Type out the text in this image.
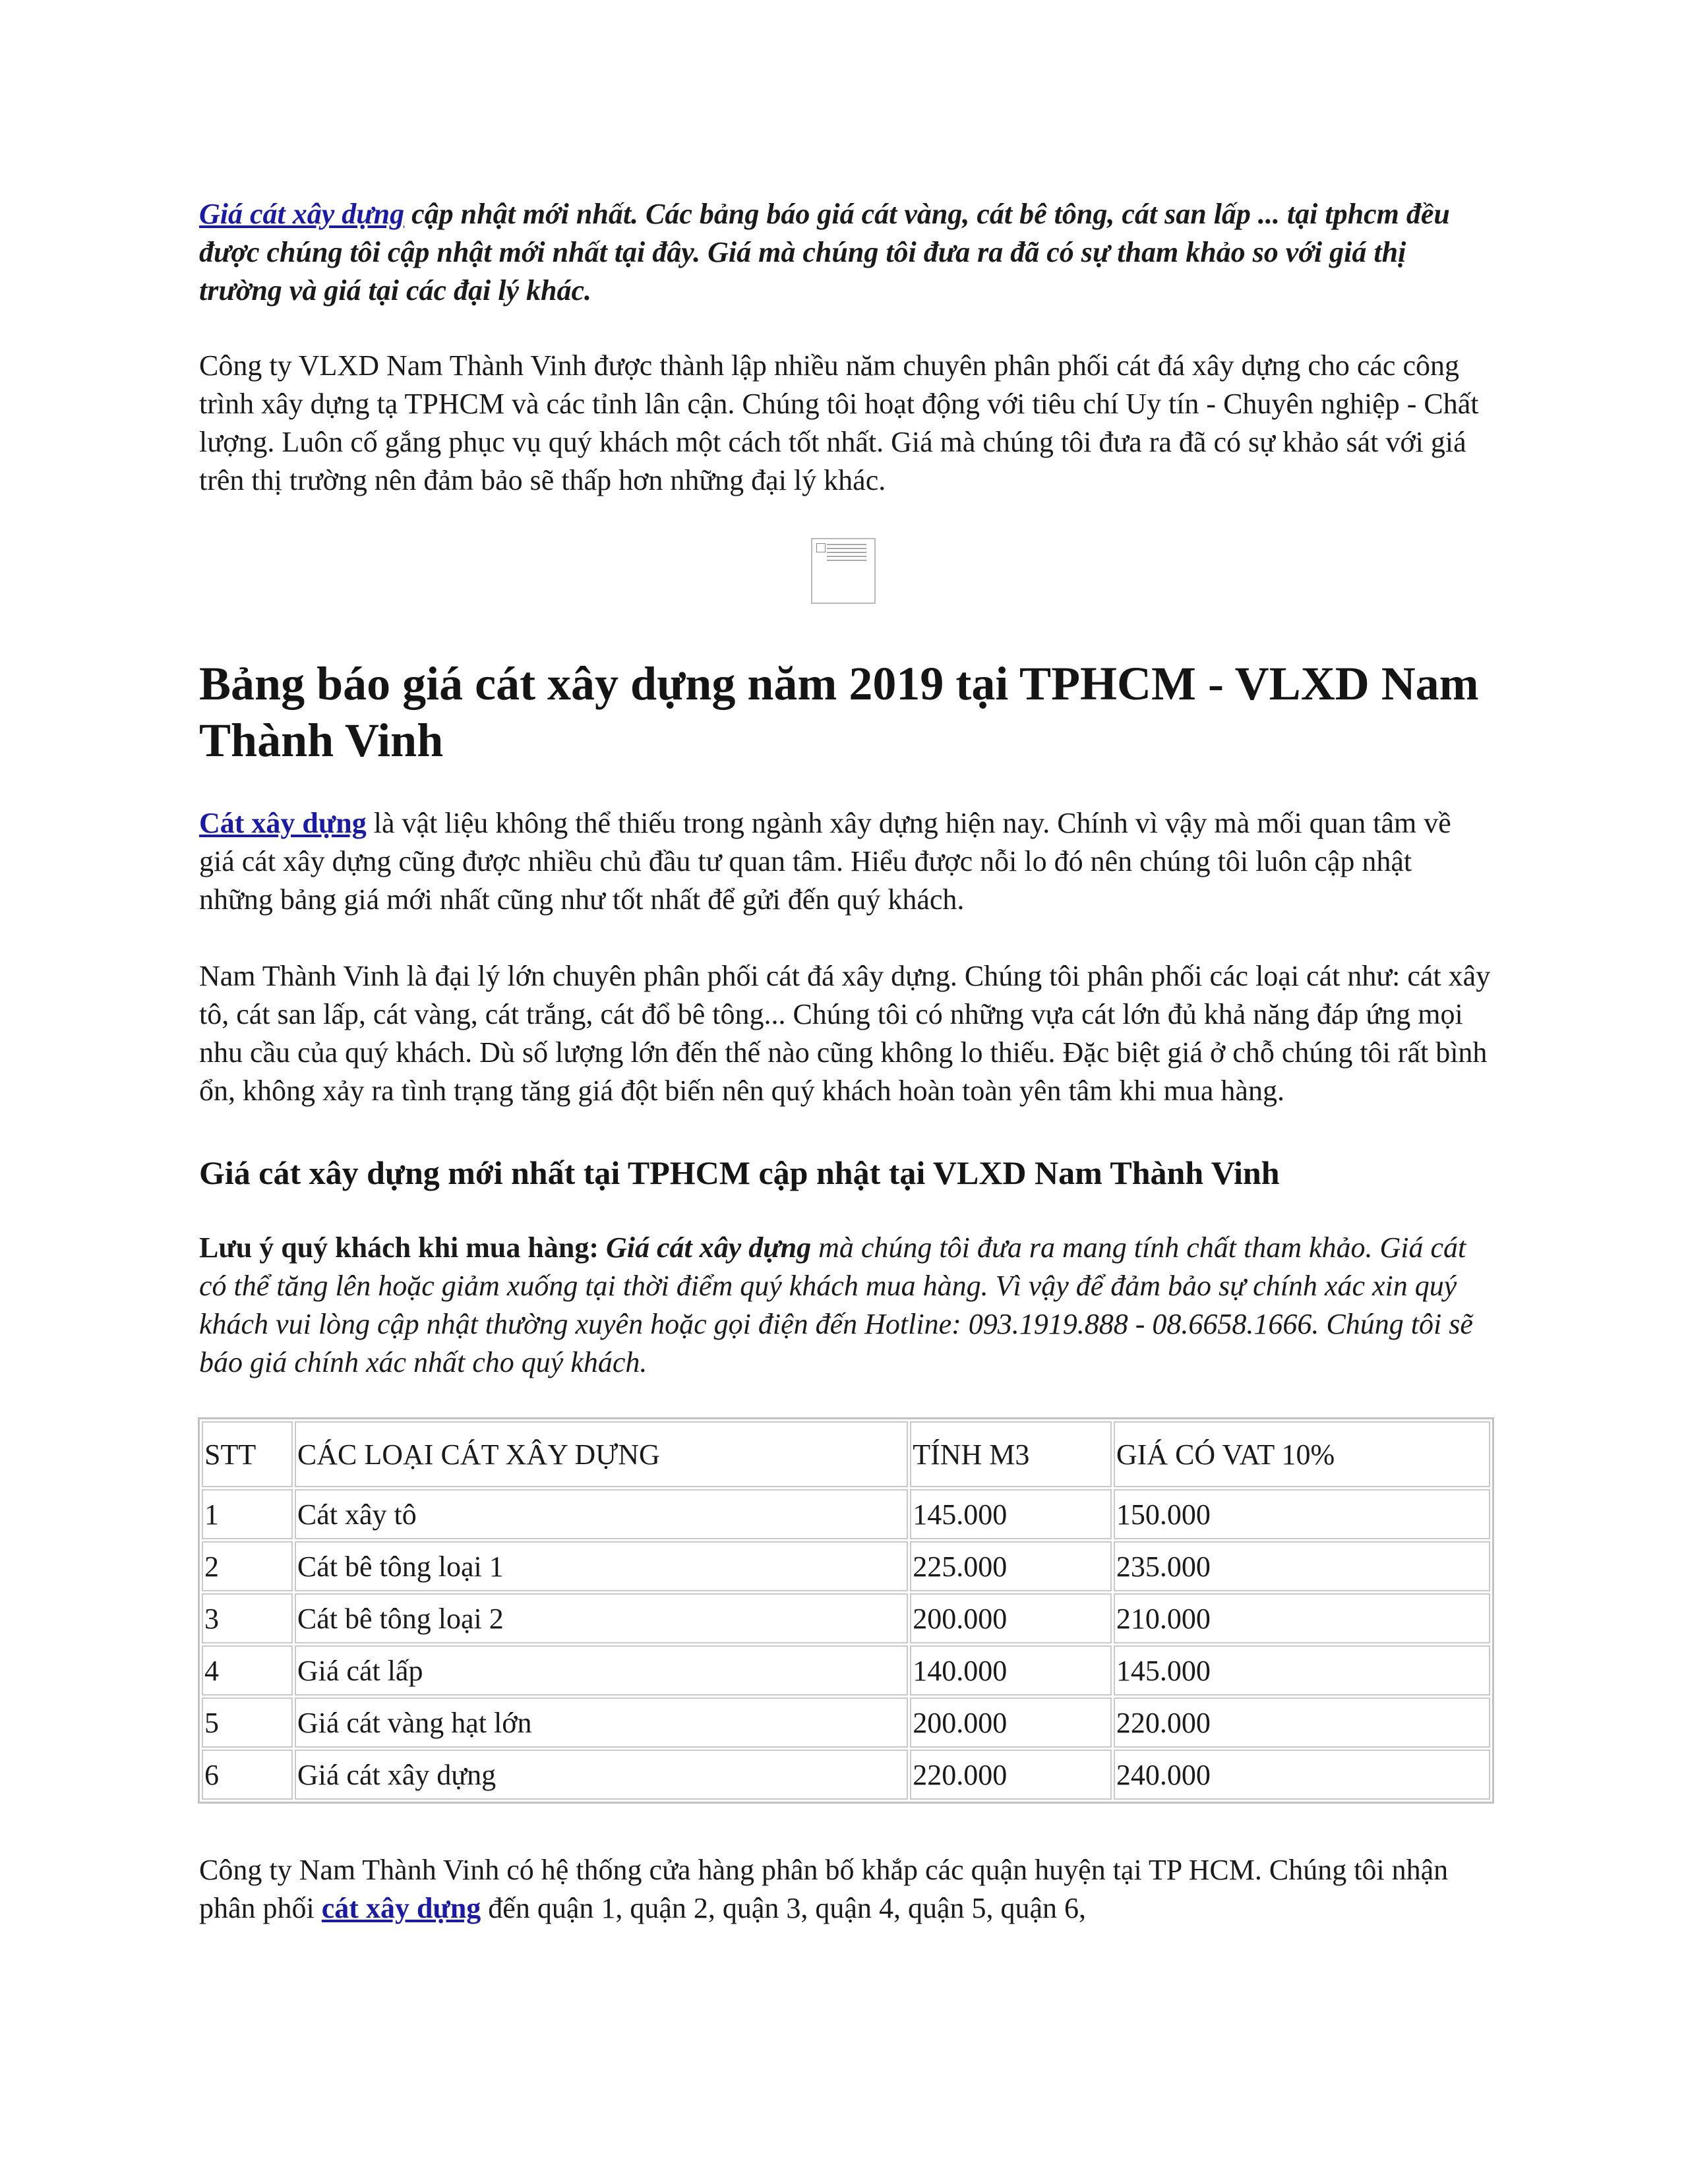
Giá cát xây dựng cập nhật mới nhất. Các bảng báo giá cát vàng, cát bê tông, cát san lấp ... tại tphcm đều được chúng tôi cập nhật mới nhất tại đây. Giá mà chúng tôi đưa ra đã có sự tham khảo so với giá thị trường và giá tại các đại lý khác.

Công ty VLXD Nam Thành Vinh được thành lập nhiều năm chuyên phân phối cát đá xây dựng cho các công trình xây dựng tạ TPHCM và các tỉnh lân cận. Chúng tôi hoạt động với tiêu chí Uy tín - Chuyên nghiệp - Chất lượng. Luôn cố gắng phục vụ quý khách một cách tốt nhất. Giá mà chúng tôi đưa ra đã có sự khảo sát với giá trên thị trường nên đảm bảo sẽ thấp hơn những đại lý khác.

Bảng báo giá cát xây dựng năm 2019 tại TPHCM - VLXD Nam Thành Vinh

Cát xây dựng là vật liệu không thể thiếu trong ngành xây dựng hiện nay. Chính vì vậy mà mối quan tâm về giá cát xây dựng cũng được nhiều chủ đầu tư quan tâm. Hiểu được nỗi lo đó nên chúng tôi luôn cập nhật những bảng giá mới nhất cũng như tốt nhất để gửi đến quý khách.

Nam Thành Vinh là đại lý lớn chuyên phân phối cát đá xây dựng. Chúng tôi phân phối các loại cát như: cát xây tô, cát san lấp, cát vàng, cát trắng, cát đổ bê tông... Chúng tôi có những vựa cát lớn đủ khả năng đáp ứng mọi nhu cầu của quý khách. Dù số lượng lớn đến thế nào cũng không lo thiếu. Đặc biệt giá ở chỗ chúng tôi rất bình ổn, không xảy ra tình trạng tăng giá đột biến nên quý khách hoàn toàn yên tâm khi mua hàng.

Giá cát xây dựng mới nhất tại TPHCM cập nhật tại VLXD Nam Thành Vinh

Lưu ý quý khách khi mua hàng: Giá cát xây dựng mà chúng tôi đưa ra mang tính chất tham khảo. Giá cát có thể tăng lên hoặc giảm xuống tại thời điểm quý khách mua hàng. Vì vậy để đảm bảo sự chính xác xin quý khách vui lòng cập nhật thường xuyên hoặc gọi điện đến Hotline: 093.1919.888 - 08.6658.1666. Chúng tôi sẽ báo giá chính xác nhất cho quý khách.

STT	CÁC LOẠI CÁT XÂY DỰNG	TÍNH M3	GIÁ CÓ VAT 10%
1	Cát xây tô	145.000	150.000
2	Cát bê tông loại 1	225.000	235.000
3	Cát bê tông loại 2	200.000	210.000
4	Giá cát lấp	140.000	145.000
5	Giá cát vàng hạt lớn	200.000	220.000
6	Giá cát xây dựng	220.000	240.000

Công ty Nam Thành Vinh có hệ thống cửa hàng phân bố khắp các quận huyện tại TP HCM. Chúng tôi nhận phân phối cát xây dựng đến quận 1, quận 2, quận 3, quận 4, quận 5, quận 6,
